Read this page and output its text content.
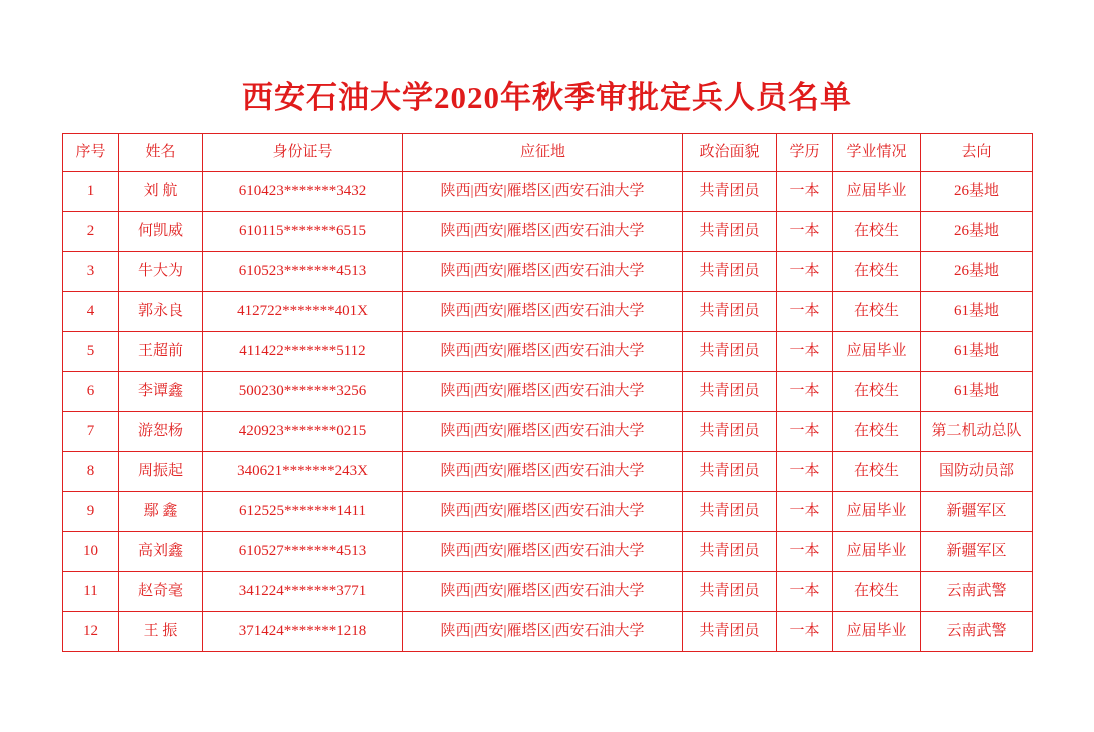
西安石油大学2020年秋季审批定兵人员名单
序号	姓名	身份证号	应征地	政治面貌	学历	学业情况	去向
1	刘 航	610423*******3432	陕西|西安|雁塔区|西安石油大学	共青团员	一本	应届毕业	26基地
2	何凯威	610115*******6515	陕西|西安|雁塔区|西安石油大学	共青团员	一本	在校生	26基地
3	牛大为	610523*******4513	陕西|西安|雁塔区|西安石油大学	共青团员	一本	在校生	26基地
4	郭永良	412722*******401X	陕西|西安|雁塔区|西安石油大学	共青团员	一本	在校生	61基地
5	王超前	411422*******5112	陕西|西安|雁塔区|西安石油大学	共青团员	一本	应届毕业	61基地
6	李谭鑫	500230*******3256	陕西|西安|雁塔区|西安石油大学	共青团员	一本	在校生	61基地
7	游恕杨	420923*******0215	陕西|西安|雁塔区|西安石油大学	共青团员	一本	在校生	第二机动总队
8	周振起	340621*******243X	陕西|西安|雁塔区|西安石油大学	共青团员	一本	在校生	国防动员部
9	鄢 鑫	612525*******1411	陕西|西安|雁塔区|西安石油大学	共青团员	一本	应届毕业	新疆军区
10	高刘鑫	610527*******4513	陕西|西安|雁塔区|西安石油大学	共青团员	一本	应届毕业	新疆军区
11	赵奇毫	341224*******3771	陕西|西安|雁塔区|西安石油大学	共青团员	一本	在校生	云南武警
12	王 振	371424*******1218	陕西|西安|雁塔区|西安石油大学	共青团员	一本	应届毕业	云南武警
